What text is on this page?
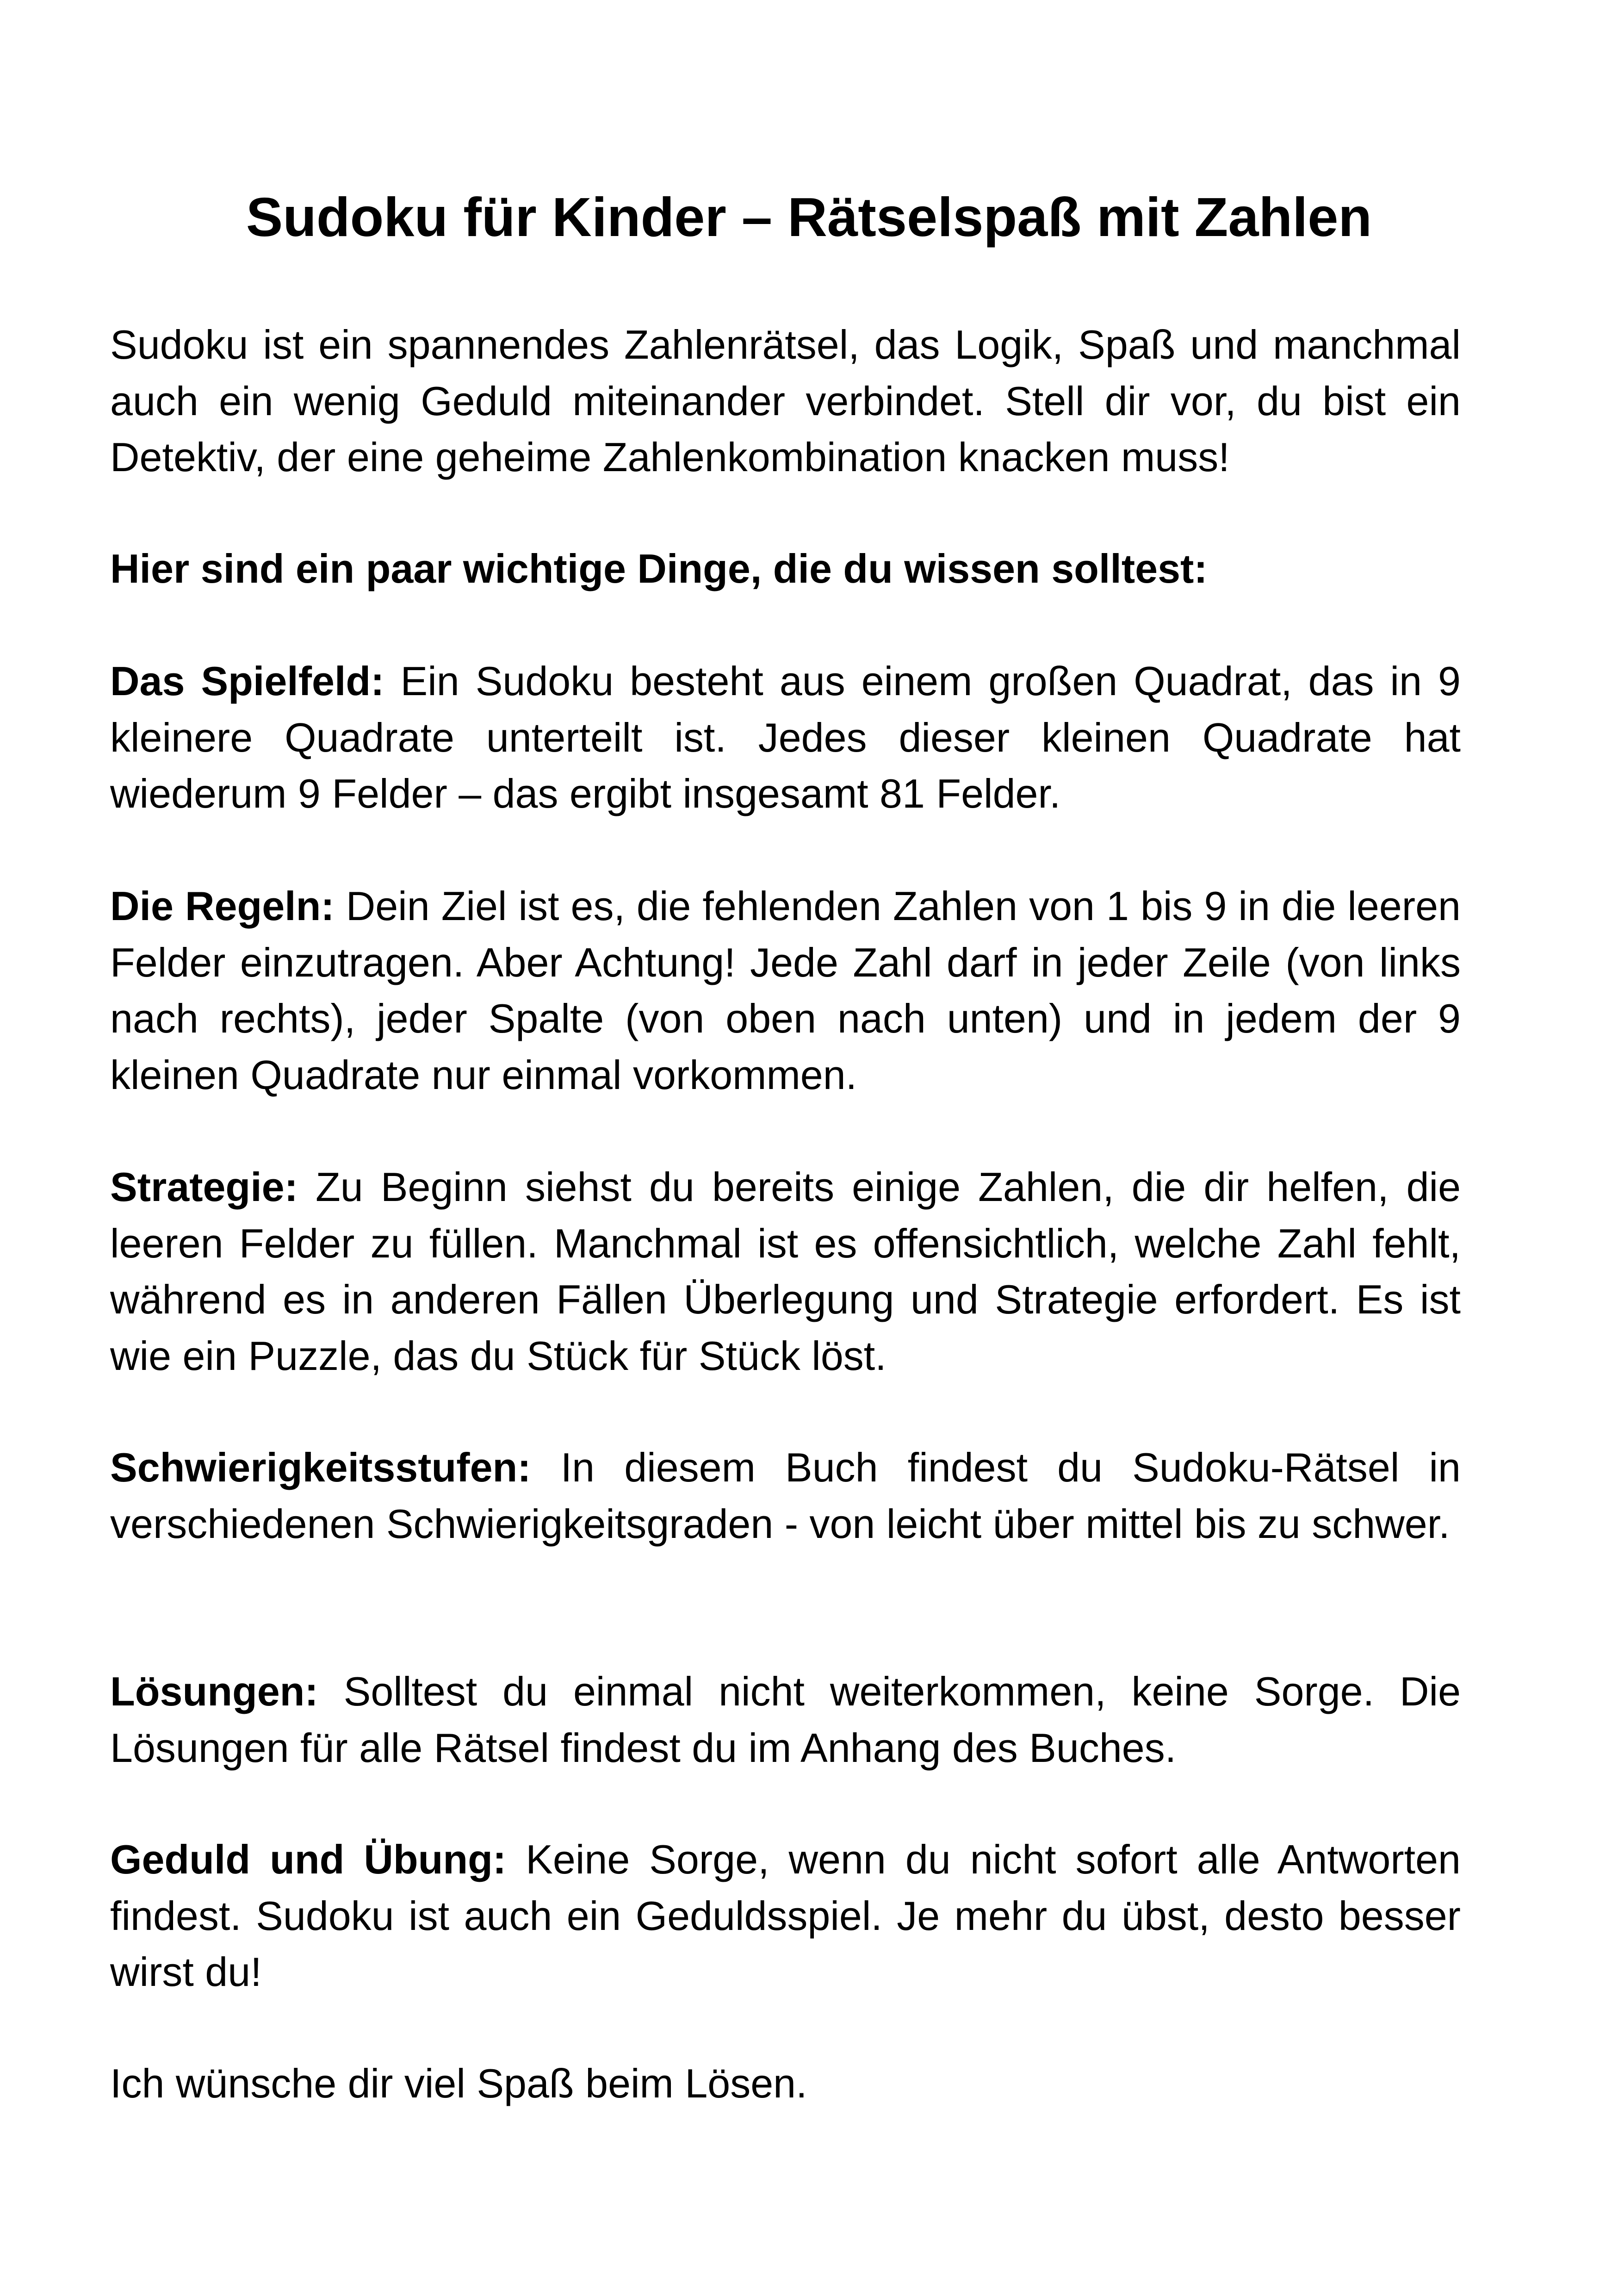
Sudoku für Kinder – Rätselspaß mit Zahlen

Sudoku ist ein spannendes Zahlenrätsel, das Logik, Spaß und manchmal auch ein wenig Geduld miteinander verbindet. Stell dir vor, du bist ein Detektiv, der eine geheime Zahlenkombination knacken muss!

Hier sind ein paar wichtige Dinge, die du wissen solltest:

Das Spielfeld: Ein Sudoku besteht aus einem großen Quadrat, das in 9 kleinere Quadrate unterteilt ist. Jedes dieser kleinen Quadrate hat wiederum 9 Felder – das ergibt insgesamt 81 Felder.

Die Regeln: Dein Ziel ist es, die fehlenden Zahlen von 1 bis 9 in die leeren Felder einzutragen. Aber Achtung! Jede Zahl darf in jeder Zeile (von links nach rechts), jeder Spalte (von oben nach unten) und in jedem der 9 kleinen Quadrate nur einmal vorkommen.

Strategie: Zu Beginn siehst du bereits einige Zahlen, die dir helfen, die leeren Felder zu füllen. Manchmal ist es offensichtlich, welche Zahl fehlt, während es in anderen Fällen Überlegung und Strategie erfordert. Es ist wie ein Puzzle, das du Stück für Stück löst.

Schwierigkeitsstufen: In diesem Buch findest du Sudoku-Rätsel in verschiedenen Schwierigkeitsgraden - von leicht über mittel bis zu schwer.

Lösungen: Solltest du einmal nicht weiterkommen, keine Sorge. Die Lösungen für alle Rätsel findest du im Anhang des Buches.

Geduld und Übung: Keine Sorge, wenn du nicht sofort alle Antworten findest. Sudoku ist auch ein Geduldsspiel. Je mehr du übst, desto besser wirst du!

Ich wünsche dir viel Spaß beim Lösen.
